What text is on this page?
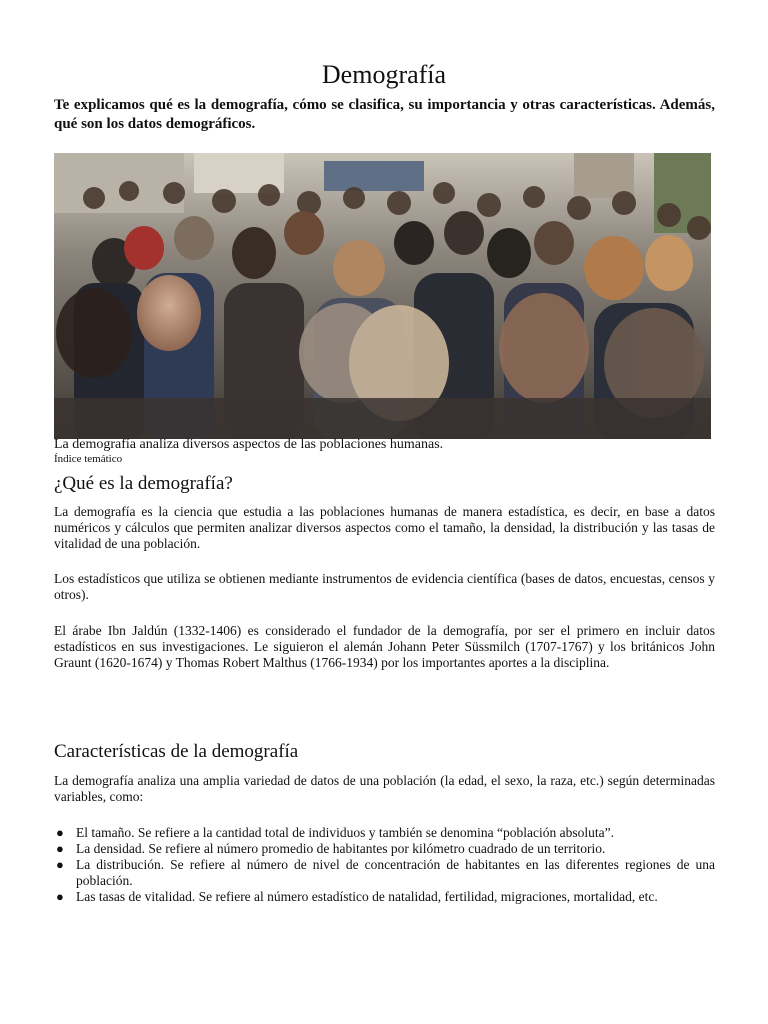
Demografía

Te explicamos qué es la demografía, cómo se clasifica, su importancia y otras características. Además, qué son los datos demográficos.

La demografía analiza diversos aspectos de las poblaciones humanas.

Índice temático
¿Qué es la demografía?

La demografía es la ciencia que estudia a las poblaciones humanas de manera estadística, es decir, en base a datos numéricos y cálculos que permiten analizar diversos aspectos como el tamaño, la densidad, la distribución y las tasas de vitalidad de una población.

Los estadísticos que utiliza se obtienen mediante instrumentos de evidencia científica (bases de datos, encuestas, censos y otros).

El árabe Ibn Jaldún (1332-1406) es considerado el fundador de la demografía, por ser el primero en incluir datos estadísticos en sus investigaciones. Le siguieron el alemán Johann Peter Süssmilch (1707-1767) y los británicos John Graunt (1620-1674) y Thomas Robert Malthus (1766-1934) por los importantes aportes a la disciplina.

Características de la demografía

La demografía analiza una amplia variedad de datos de una población (la edad, el sexo, la raza, etc.) según determinadas variables, como:

● El tamaño. Se refiere a la cantidad total de individuos y también se denomina “población absoluta”.
● La densidad. Se refiere al número promedio de habitantes por kilómetro cuadrado de un territorio.
● La distribución. Se refiere al número de nivel de concentración de habitantes en las diferentes regiones de una población.
● Las tasas de vitalidad. Se refiere al número estadístico de natalidad, fertilidad, migraciones, mortalidad, etc.
